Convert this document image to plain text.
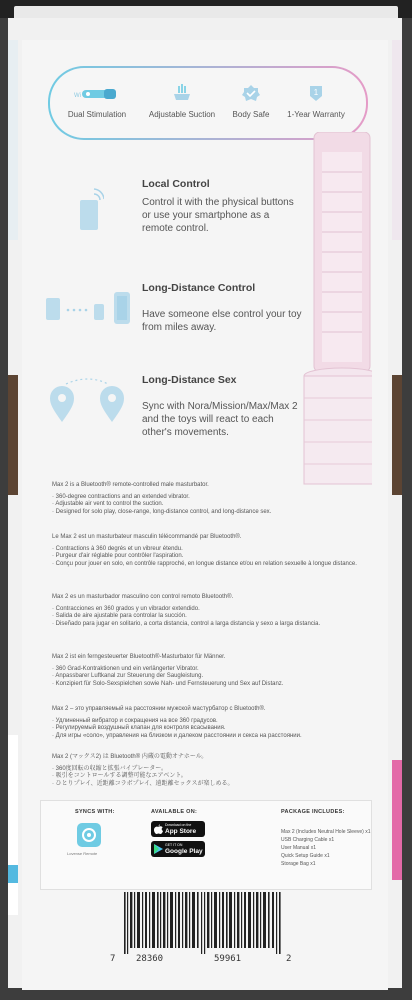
Wi
Dual Stimulation	Adjustable Suction	Body Safe
1
1-Year Warranty
Local Control
Control it with the physical buttons or use your smartphone as a remote control.
Long-Distance Control
Have someone else control your toy from miles away.
Long-Distance Sex
Sync with Nora/Mission/Max/Max 2 and the toys will react to each other's movements.
Max 2 is a Bluetooth® remote-controlled male masturbator.
· 360-degree contractions and an extended vibrator.
· Adjustable air vent to control the suction.
· Designed for solo play, close-range, long-distance control, and long-distance sex.
Le Max 2 est un masturbateur masculin télécommandé par Bluetooth®.
· Contractions à 360 degrés et un vibreur étendu.
· Purgeur d'air réglable pour contrôler l'aspiration.
· Conçu pour jouer en solo, en contrôle rapproché, en longue distance et/ou en relation sexuelle à longue distance.
Max 2 es un masturbador masculino con control remoto Bluetooth®.
· Contracciones en 360 grados y un vibrador extendido.
· Salida de aire ajustable para controlar la succión.
· Diseñado para jugar en solitario, a corta distancia, control a larga distancia y sexo a larga distancia.
Max 2 ist ein ferngesteuerter Bluetooth®-Masturbator für Männer.
· 360 Grad-Kontraktionen und ein verlängerter Vibrator.
· Anpassbarer Luftkanal zur Steuerung der Saugleistung.
· Konzipiert für Solo-Sexspielchen sowie Nah- und Fernsteuerung und Sex auf Distanz.
Max 2 – это управляемый на расстоянии мужской мастурбатор с Bluetooth®.
· Удлиненный вибратор и сокращения на все 360 градусов.
· Регулируемый воздушный клапан для контроля всасывания.
· Для игры «соло», управления на близком и далеком расстоянии и секса на расстоянии.
Max 2 (マックス2) は Bluetooth® 内蔵の電動オナホール。
· 360度回転の収縮と拡張バイブレーター。
· 吸引をコントロールする調整可能なエアベント。
· ひとりプレイ、近距離コラボプレイ、遠距離セックスが楽しめる。
SYNCS WITH:
Lovense Remote
AVAILABLE ON:
Download on the
App Store
GET IT ON
Google Play
PACKAGE INCLUDES:
Max 2 (Includes Neutral Hole Sleeve) x1
USB Charging Cable x1
User Manual x1
Quick Setup Guide x1
Storage Bag x1
7 28360	59961	2
